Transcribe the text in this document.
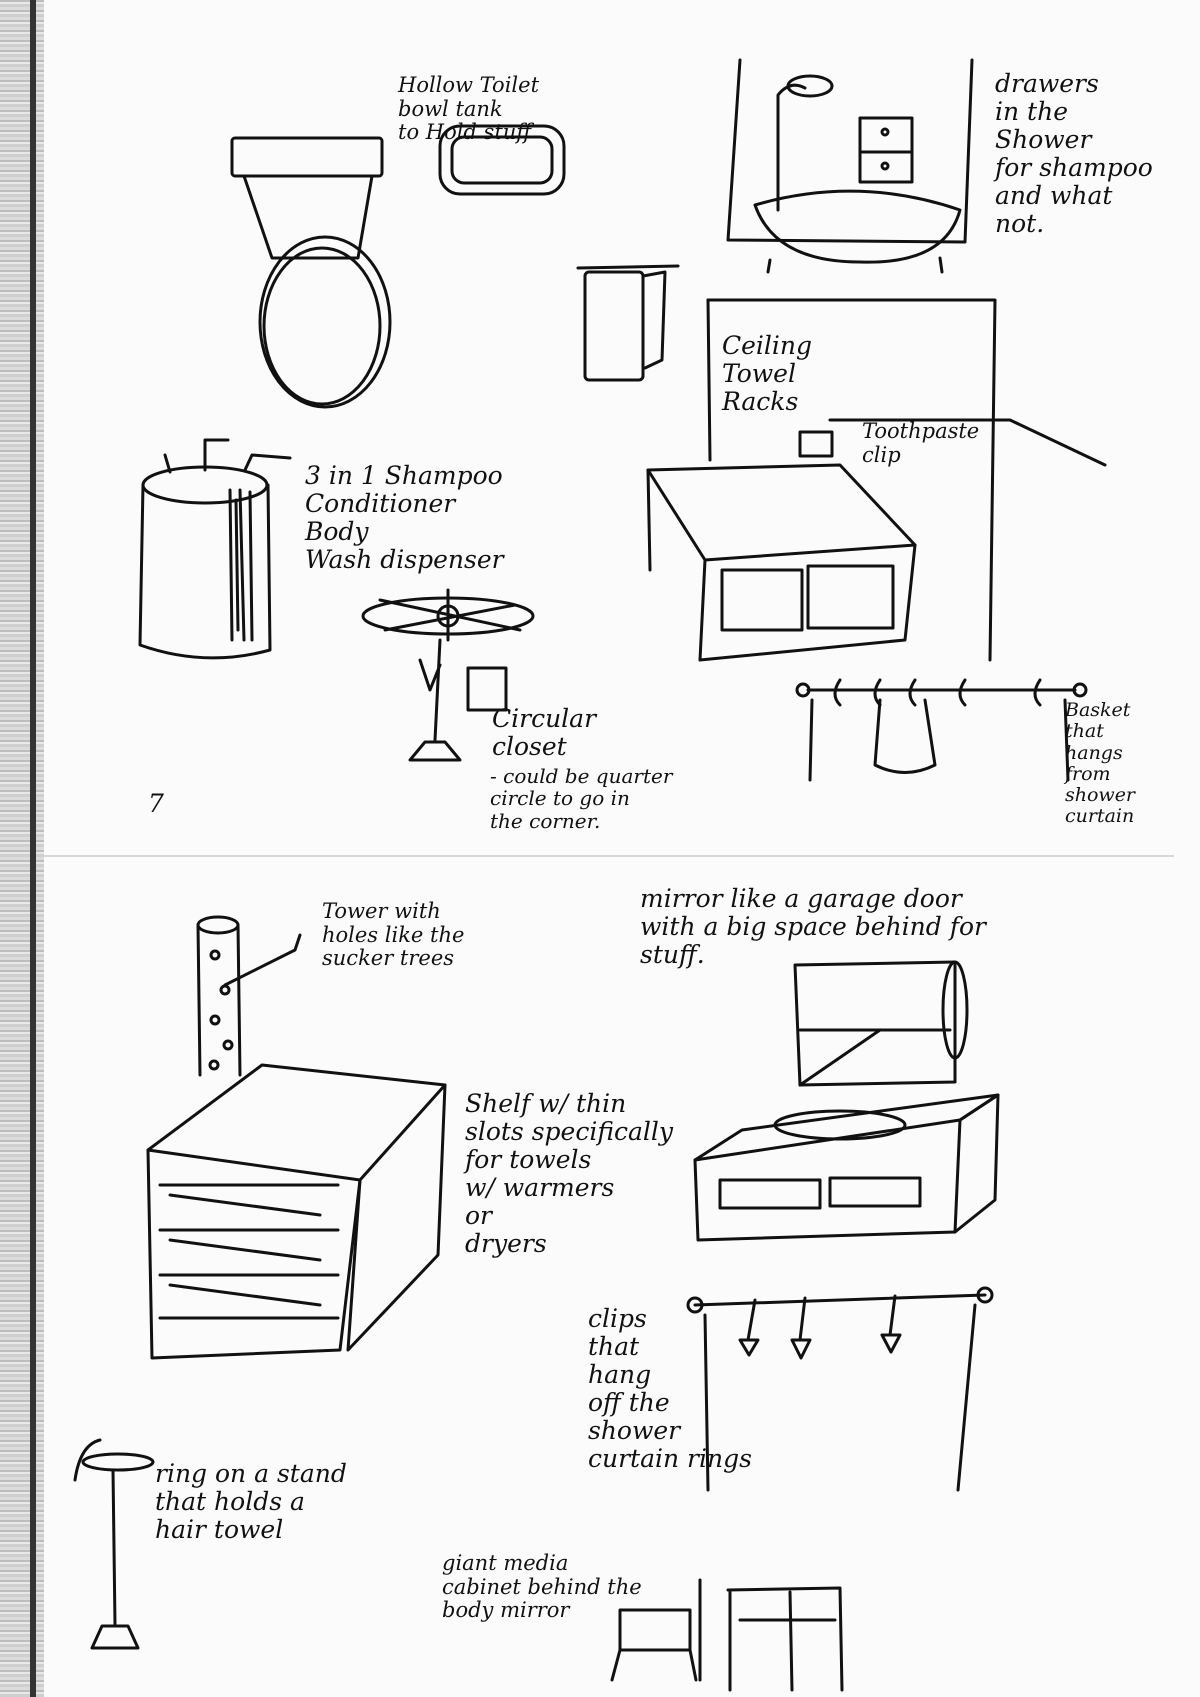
Hollow Toilet
bowl tank
to Hold stuff
drawers
in the
Shower
for shampoo
and what
not.
Ceiling
Towel
Racks
Toothpaste
clip
3 in 1 Shampoo
Conditioner
Body
Wash dispenser
Circular
closet
- could be quarter
circle to go in
the corner.
7
Basket
that
hangs
from
shower
curtain
Tower with
holes like the
sucker trees
mirror like a garage door
with a big space behind for
stuff.
Shelf w/ thin
slots specifically
for towels
w/ warmers
or
dryers
clips
that
hang
off the
shower
curtain rings
ring on a stand
that holds a
hair towel
giant media
cabinet behind the
body mirror
